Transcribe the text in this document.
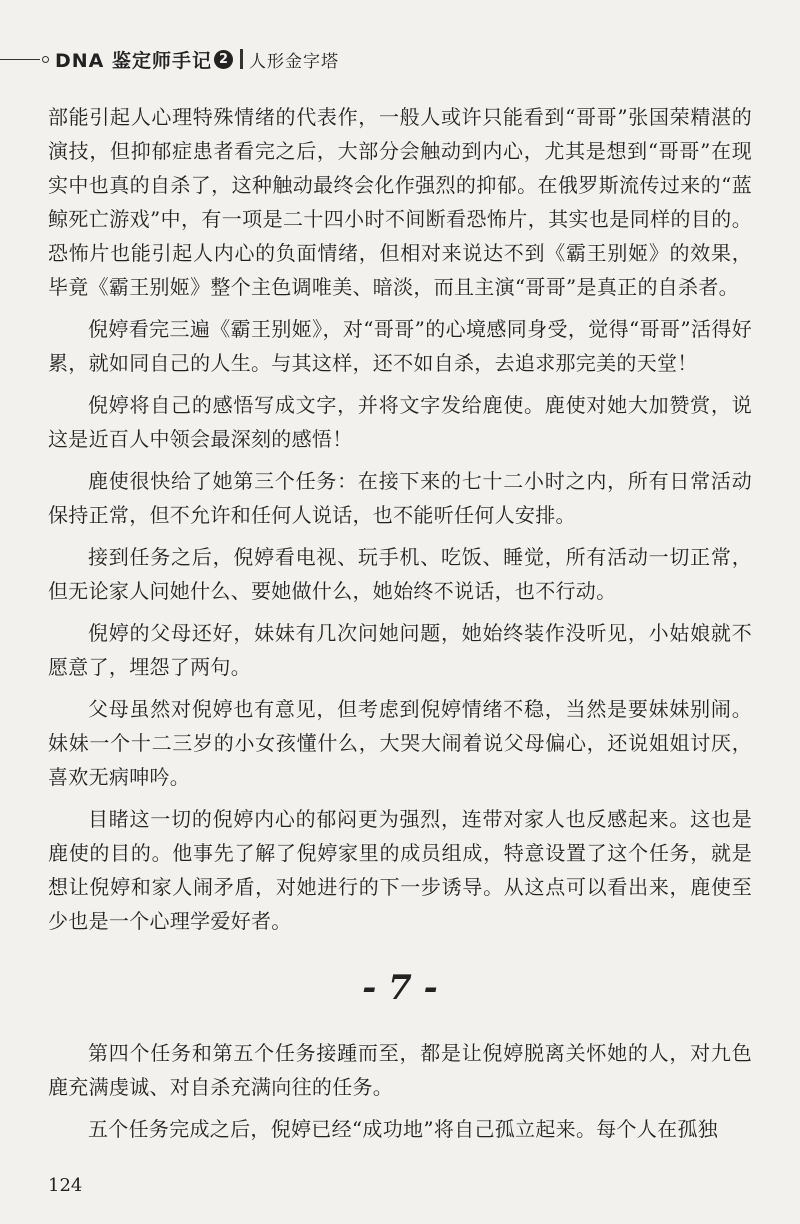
DNA 鉴定师手记 2 人形金字塔

部能引起人心理特殊情绪的代表作，一般人或许只能看到“哥哥”张国荣精湛的演技，但抑郁症患者看完之后，大部分会触动到内心，尤其是想到“哥哥”在现实中也真的自杀了，这种触动最终会化作强烈的抑郁。在俄罗斯流传过来的“蓝鲸死亡游戏”中，有一项是二十四小时不间断看恐怖片，其实也是同样的目的。恐怖片也能引起人内心的负面情绪，但相对来说达不到《霸王别姬》的效果，毕竟《霸王别姬》整个主色调唯美、暗淡，而且主演“哥哥”是真正的自杀者。

倪婷看完三遍《霸王别姬》，对“哥哥”的心境感同身受，觉得“哥哥”活得好累，就如同自己的人生。与其这样，还不如自杀，去追求那完美的天堂！

倪婷将自己的感悟写成文字，并将文字发给鹿使。鹿使对她大加赞赏，说这是近百人中领会最深刻的感悟！

鹿使很快给了她第三个任务：在接下来的七十二小时之内，所有日常活动保持正常，但不允许和任何人说话，也不能听任何人安排。

接到任务之后，倪婷看电视、玩手机、吃饭、睡觉，所有活动一切正常，但无论家人问她什么、要她做什么，她始终不说话，也不行动。

倪婷的父母还好，妹妹有几次问她问题，她始终装作没听见，小姑娘就不愿意了，埋怨了两句。

父母虽然对倪婷也有意见，但考虑到倪婷情绪不稳，当然是要妹妹别闹。妹妹一个十二三岁的小女孩懂什么，大哭大闹着说父母偏心，还说姐姐讨厌，喜欢无病呻吟。

目睹这一切的倪婷内心的郁闷更为强烈，连带对家人也反感起来。这也是鹿使的目的。他事先了解了倪婷家里的成员组成，特意设置了这个任务，就是想让倪婷和家人闹矛盾，对她进行的下一步诱导。从这点可以看出来，鹿使至少也是一个心理学爱好者。

- 7 -

第四个任务和第五个任务接踵而至，都是让倪婷脱离关怀她的人，对九色鹿充满虔诚、对自杀充满向往的任务。

五个任务完成之后，倪婷已经“成功地”将自己孤立起来。每个人在孤独

124
